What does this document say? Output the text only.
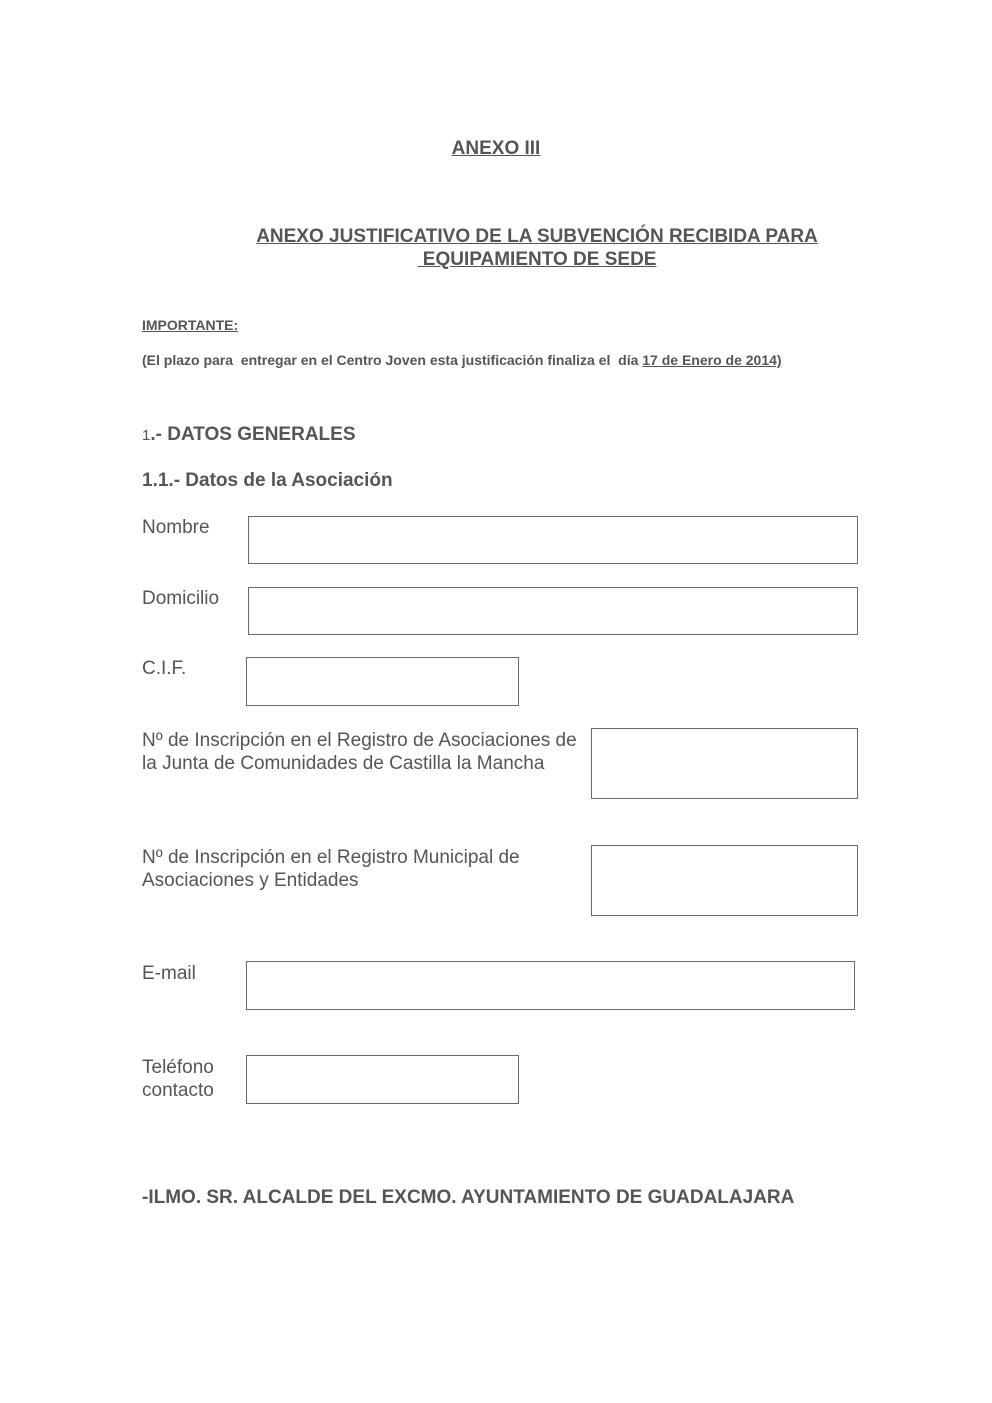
ANEXO III
ANEXO JUSTIFICATIVO DE LA SUBVENCIÓN RECIBIDA PARA
EQUIPAMIENTO DE SEDE
IMPORTANTE:
(El plazo para  entregar en el Centro Joven esta justificación finaliza el  día 17 de Enero de 2014)
1.- DATOS GENERALES
1.1.- Datos de la Asociación
Nombre
Domicilio
C.I.F.
Nº de Inscripción en el Registro de Asociaciones de la Junta de Comunidades de Castilla la Mancha
Nº de Inscripción en el Registro Municipal de Asociaciones y Entidades
E-mail
Teléfono contacto
-ILMO. SR. ALCALDE DEL EXCMO. AYUNTAMIENTO DE GUADALAJARA
